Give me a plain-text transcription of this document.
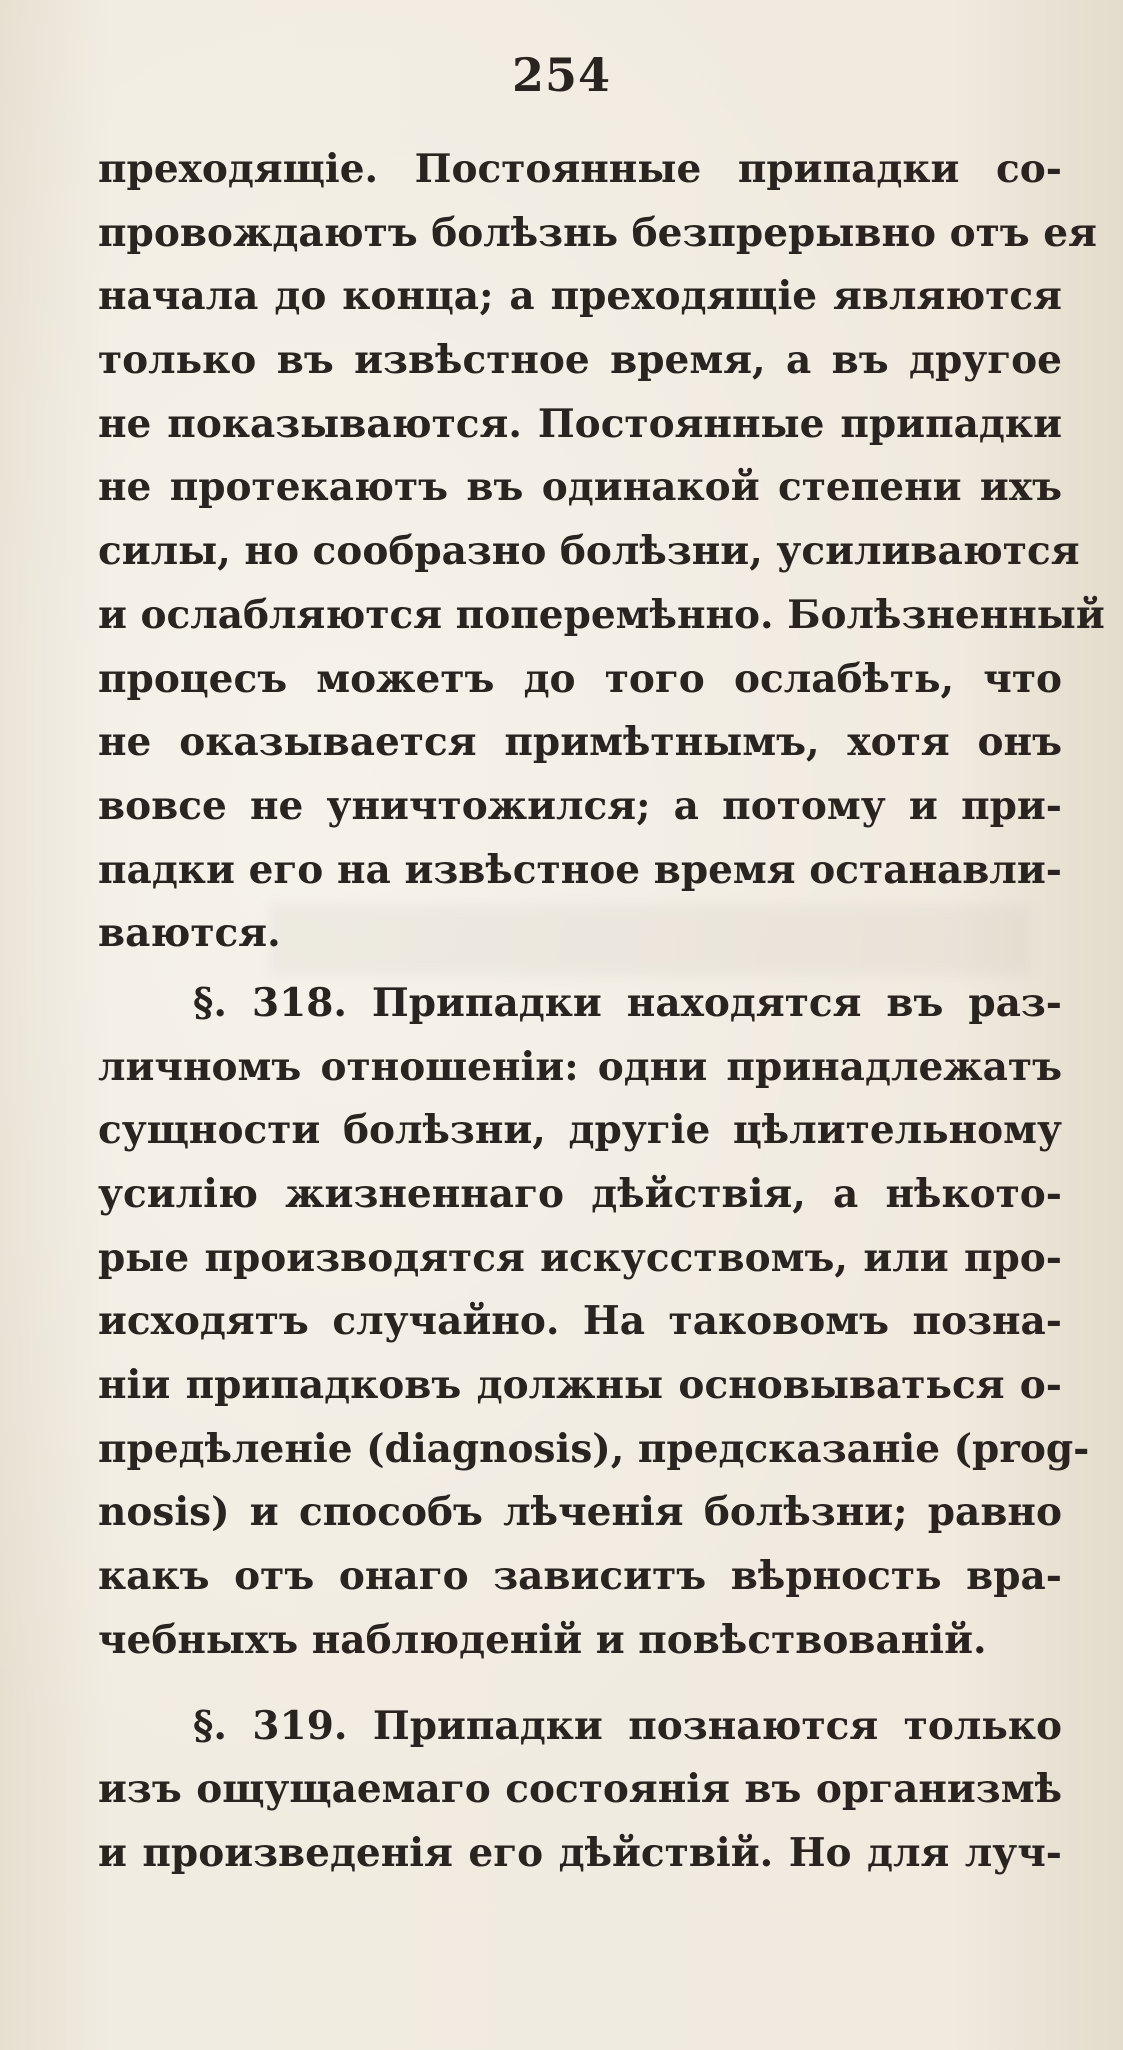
254
преходящіе. Постоянные припадки со-
провождаютъ болѣзнь безпрерывно отъ ея
начала до конца; а преходящіе являются
только въ извѣстное время, а въ другое
не показываются. Постоянные припадки
не протекаютъ въ одинакой степени ихъ
силы, но сообразно болѣзни, усиливаются
и ослабляются поперемѣнно. Болѣзненный
процесъ можетъ до того ослабѣть, что
не оказывается примѣтнымъ, хотя онъ
вовсе не уничтожился; а потому и при-
падки его на извѣстное время останавли-
ваются.
§. 318. Припадки находятся въ раз-
личномъ отношеніи: одни принадлежатъ
сущности болѣзни, другіе цѣлительному
усилію жизненнаго дѣйствія, а нѣкото-
рые производятся искусствомъ, или про-
исходятъ случайно. На таковомъ позна-
ніи припадковъ должны основываться о-
предѣленіе (diagnosis), предсказаніе (prog-
nosis) и способъ лѣченія болѣзни; равно
какъ отъ онаго зависитъ вѣрность вра-
чебныхъ наблюденій и повѣствованій.
§. 319. Припадки познаются только
изъ ощущаемаго состоянія въ организмѣ
и произведенія его дѣйствій. Но для луч-
